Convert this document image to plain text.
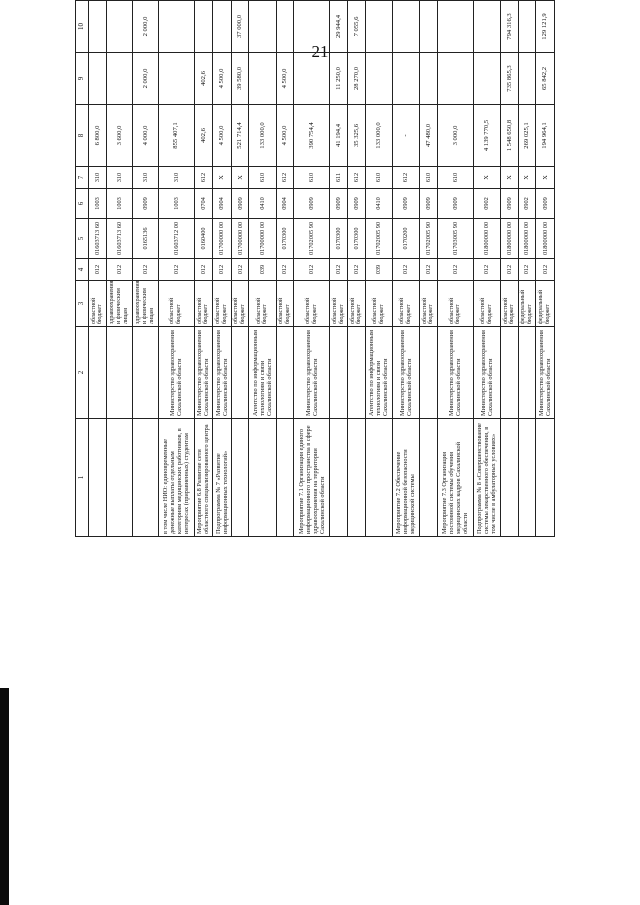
21
1	2	3	4	5	6	7	8	9	10					
		областной бюджет	012	01603713 60	1003	310	6 800,0							
		здравоохранения и физическим лицам	012	01603713 60	1003	310	3 600,0							
		здравоохранения и физическим лицам	012	0165136	0909	310	4 000,0	2 000,0	2 000,0					
в том числе НИО: единовременные денежные выплаты отдельным категориям медицинских работников, в интересах (приравненных) студентам	Министерство здравоохранения Сахалинской области	областной бюджет	012	01603712 00	1003	310	855 407,1							
Мероприятие 6.8 Развитие сети областного специализированного центра	Министерство здравоохранения Сахалинской области	областной бюджет	012	0160400	0704	612	402,6	402,6						
Подпрограмма № 7 «Развитие информационных технологий»	Министерство здравоохранения Сахалинской области	областной бюджет	012	01700000 00	0904	Х	4 500,0	4 500,0						
		областной бюджет	012	01700000 00	0909	Х	521 714,4	39 580,0	37 000,0					
	Агентство по информационным технологиям и связи Сахалинской области	областной бюджет	039	01700000 00	0410	610	133 000,0							
		областной бюджет	012	0170300	0904	612	4 500,0	4 500,0						
Мероприятие 7.1 Организация единого информационного пространства в сфере здравоохранения на территории Сахалинской области	Министерство здравоохранения Сахалинской области	областной бюджет	012	01702005 90	0909	610	390 754,4							
		областной бюджет	012	0170300	0909	611	41 194,4	11 250,0	29 944,4					
		областной бюджет	012	0170300	0909	612	35 325,6	28 270,0	7 055,6					
	Агентство по информационным технологиям и связи Сахалинской области	областной бюджет	039	01702005 90	0410	610	133 000,0							
Мероприятие 7.2 Обеспечение информационной безопасности медицинской системы	Министерство здравоохранения Сахалинской области	областной бюджет	012	0170200	0909	612	-							
		областной бюджет	012	01702005 90	0909	610	47 480,0							
Мероприятие 7.3 Организация постоянной системы обучения медицинских кадров Сахалинской области	Министерство здравоохранения Сахалинской области	областной бюджет	012	01703005 90	0909	610	3 000,0							
Подпрограмма № 8 «Совершенствование системы лекарственного обеспечения, в том числе в амбулаторных условиях»	Министерство здравоохранения Сахалинской области	областной бюджет	012	01800000 00	0902	Х	4 139 770,5							
		областной бюджет	012	01800000 00	0909	Х	1 548 650,8	735 865,3	794 316,3					
		федеральный бюджет	012	01800000 00	0902	Х	269 025,1							
	Министерство здравоохранения Сахалинской области	федеральный бюджет	012	01800000 00	0909	Х	194 964,1	65 842,2	129 121,9					
